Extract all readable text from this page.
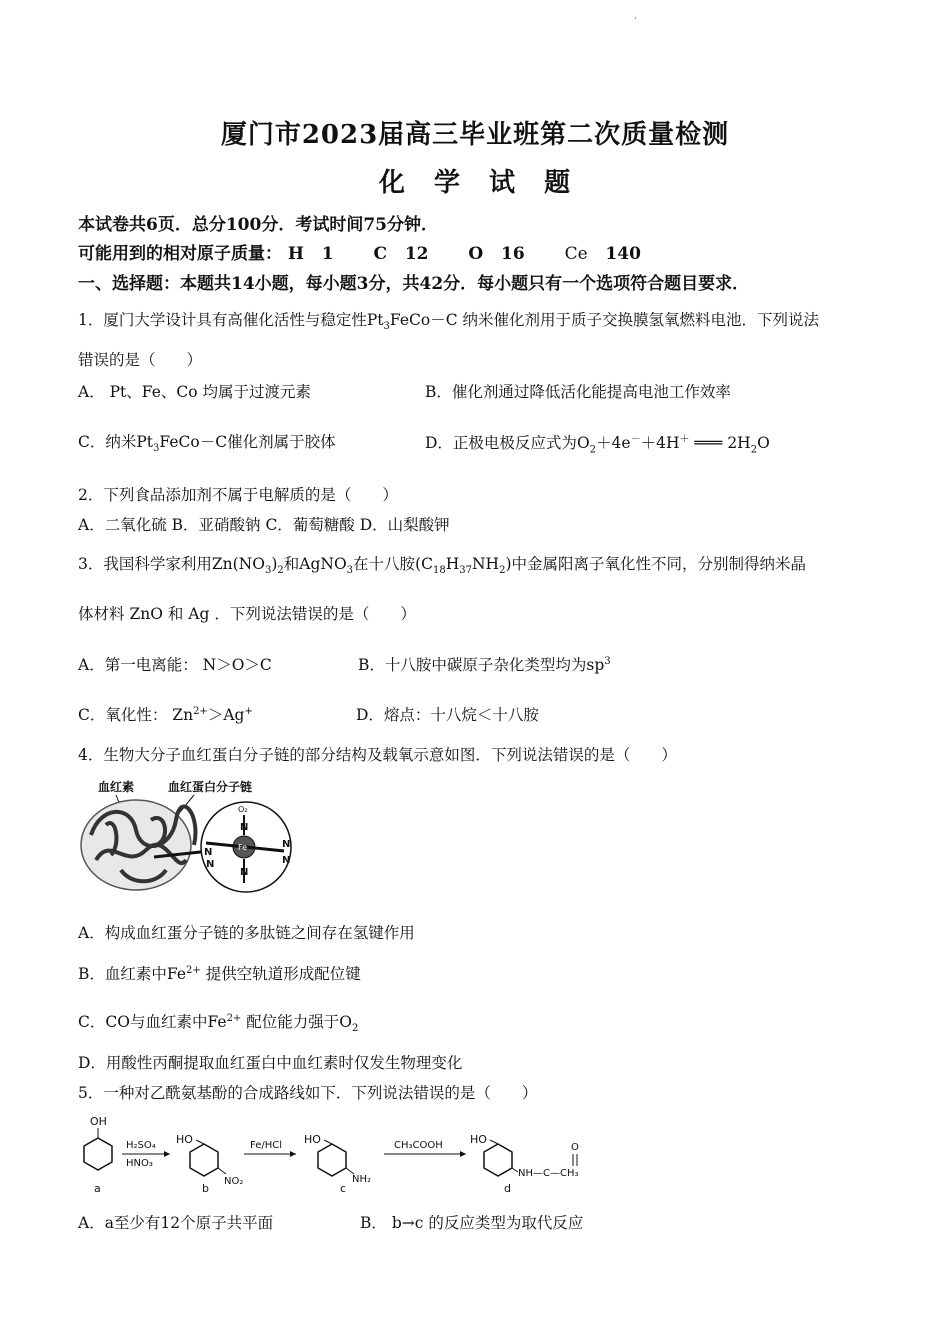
·
厦门市2023届高三毕业班第二次质量检测
化 学 试 题
本试卷共6页．总分100分．考试时间75分钟．
可能用到的相对原子质量： H 1 C 12 O 16 Ce 140
一、选择题：本题共14小题，每小题3分，共42分．每小题只有一个选项符合题目要求．
1．厦门大学设计具有高催化活性与稳定性$Pt_3FeCo-C$ 纳米催化剂用于质子交换膜氢氧燃料电池．下列说法
错误的是（　　）
A． Pt、Fe、Co 均属于过渡元素	B．催化剂通过降低活化能提高电池工作效率
C．纳米$Pt_3FeCo-C$催化剂属于胶体	D．正极电极反应式为$O_2+4e^-+4H^+$ ═══ $2H_2O$
2．下列食品添加剂不属于电解质的是（　　）
A．二氧化硫 B．亚硝酸钠 C．葡萄糖酸 D．山梨酸钾
3．我国科学家利用$Zn(NO_3)_2$和AgNO$_3$在十八胺$(C_{18}H_{37}NH_2)$中金属阳离子氧化性不同，分别制得纳米晶
体材料 ZnO 和 Ag ．下列说法错误的是（　　）
A．第一电离能： N＞O＞C	B．十八胺中碳原子杂化类型均为$sp^3$
C．氧化性： $Zn^{2+}>Ag^+$	D．熔点：十八烷＜十八胺
4．生物大分子血红蛋白分子链的部分结构及载氧示意如图．下列说法错误的是（　　）
血红素	血红蛋白分子链
O₂
Fe
N
N
N
N
N
N
A．构成血红蛋分子链的多肽链之间存在氢键作用
B．血红素中$Fe^{2+}$ 提供空轨道形成配位键
C．CO与血红素中$Fe^{2+}$ 配位能力强于$O_2$
D．用酸性丙酮提取血红蛋白中血红素时仅发生物理变化
5．一种对乙酰氨基酚的合成路线如下．下列说法错误的是（　　）
OH
a
H₂SO₄
HNO₃
HO
NO₂
b
Fe/HCl HO
NH₂
c
CH₃COOH HO
NH—C—CH₃
O
d
A．a至少有12个原子共平面	B． b→c 的反应类型为取代反应
